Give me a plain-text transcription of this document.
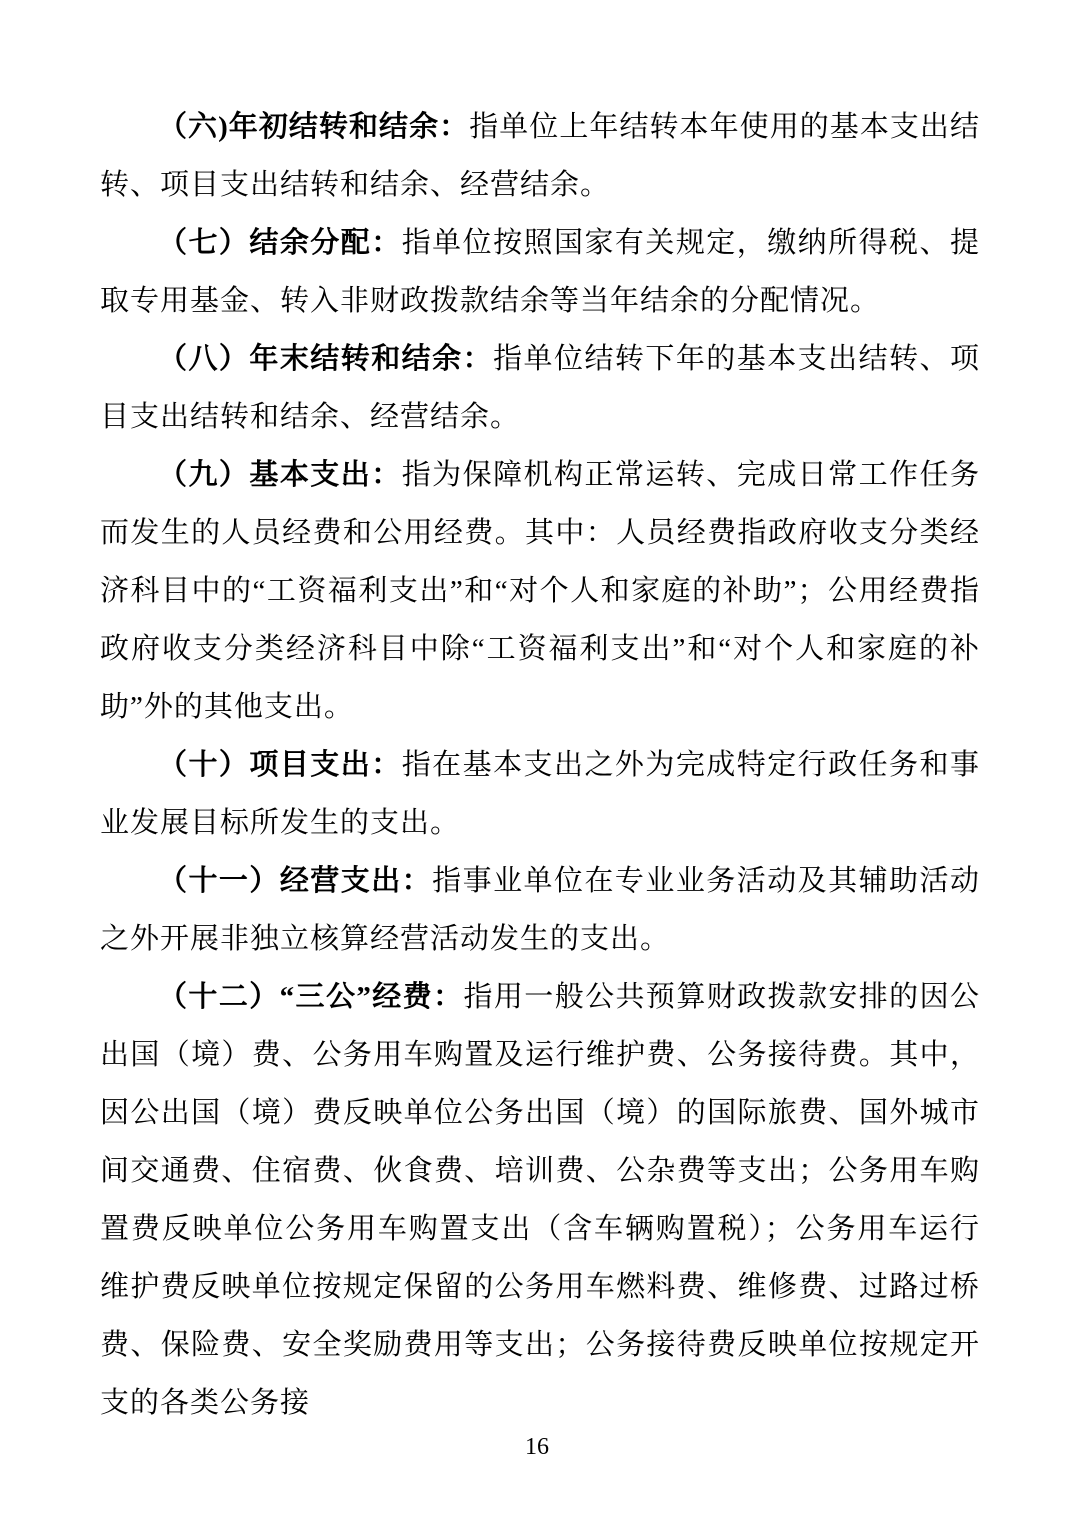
（六)年初结转和结余：指单位上年结转本年使用的基本支出结转、项目支出结转和结余、经营结余。

（七）结余分配：指单位按照国家有关规定，缴纳所得税、提取专用基金、转入非财政拨款结余等当年结余的分配情况。

（八）年末结转和结余：指单位结转下年的基本支出结转、项目支出结转和结余、经营结余。

（九）基本支出：指为保障机构正常运转、完成日常工作任务而发生的人员经费和公用经费。其中：人员经费指政府收支分类经济科目中的“工资福利支出”和“对个人和家庭的补助”；公用经费指政府收支分类经济科目中除“工资福利支出”和“对个人和家庭的补助”外的其他支出。

（十）项目支出：指在基本支出之外为完成特定行政任务和事业发展目标所发生的支出。

（十一）经营支出：指事业单位在专业业务活动及其辅助活动之外开展非独立核算经营活动发生的支出。

（十二）“三公”经费：指用一般公共预算财政拨款安排的因公出国（境）费、公务用车购置及运行维护费、公务接待费。其中，因公出国（境）费反映单位公务出国（境）的国际旅费、国外城市间交通费、住宿费、伙食费、培训费、公杂费等支出；公务用车购置费反映单位公务用车购置支出（含车辆购置税）；公务用车运行维护费反映单位按规定保留的公务用车燃料费、维修费、过路过桥费、保险费、安全奖励费用等支出；公务接待费反映单位按规定开支的各类公务接

16
